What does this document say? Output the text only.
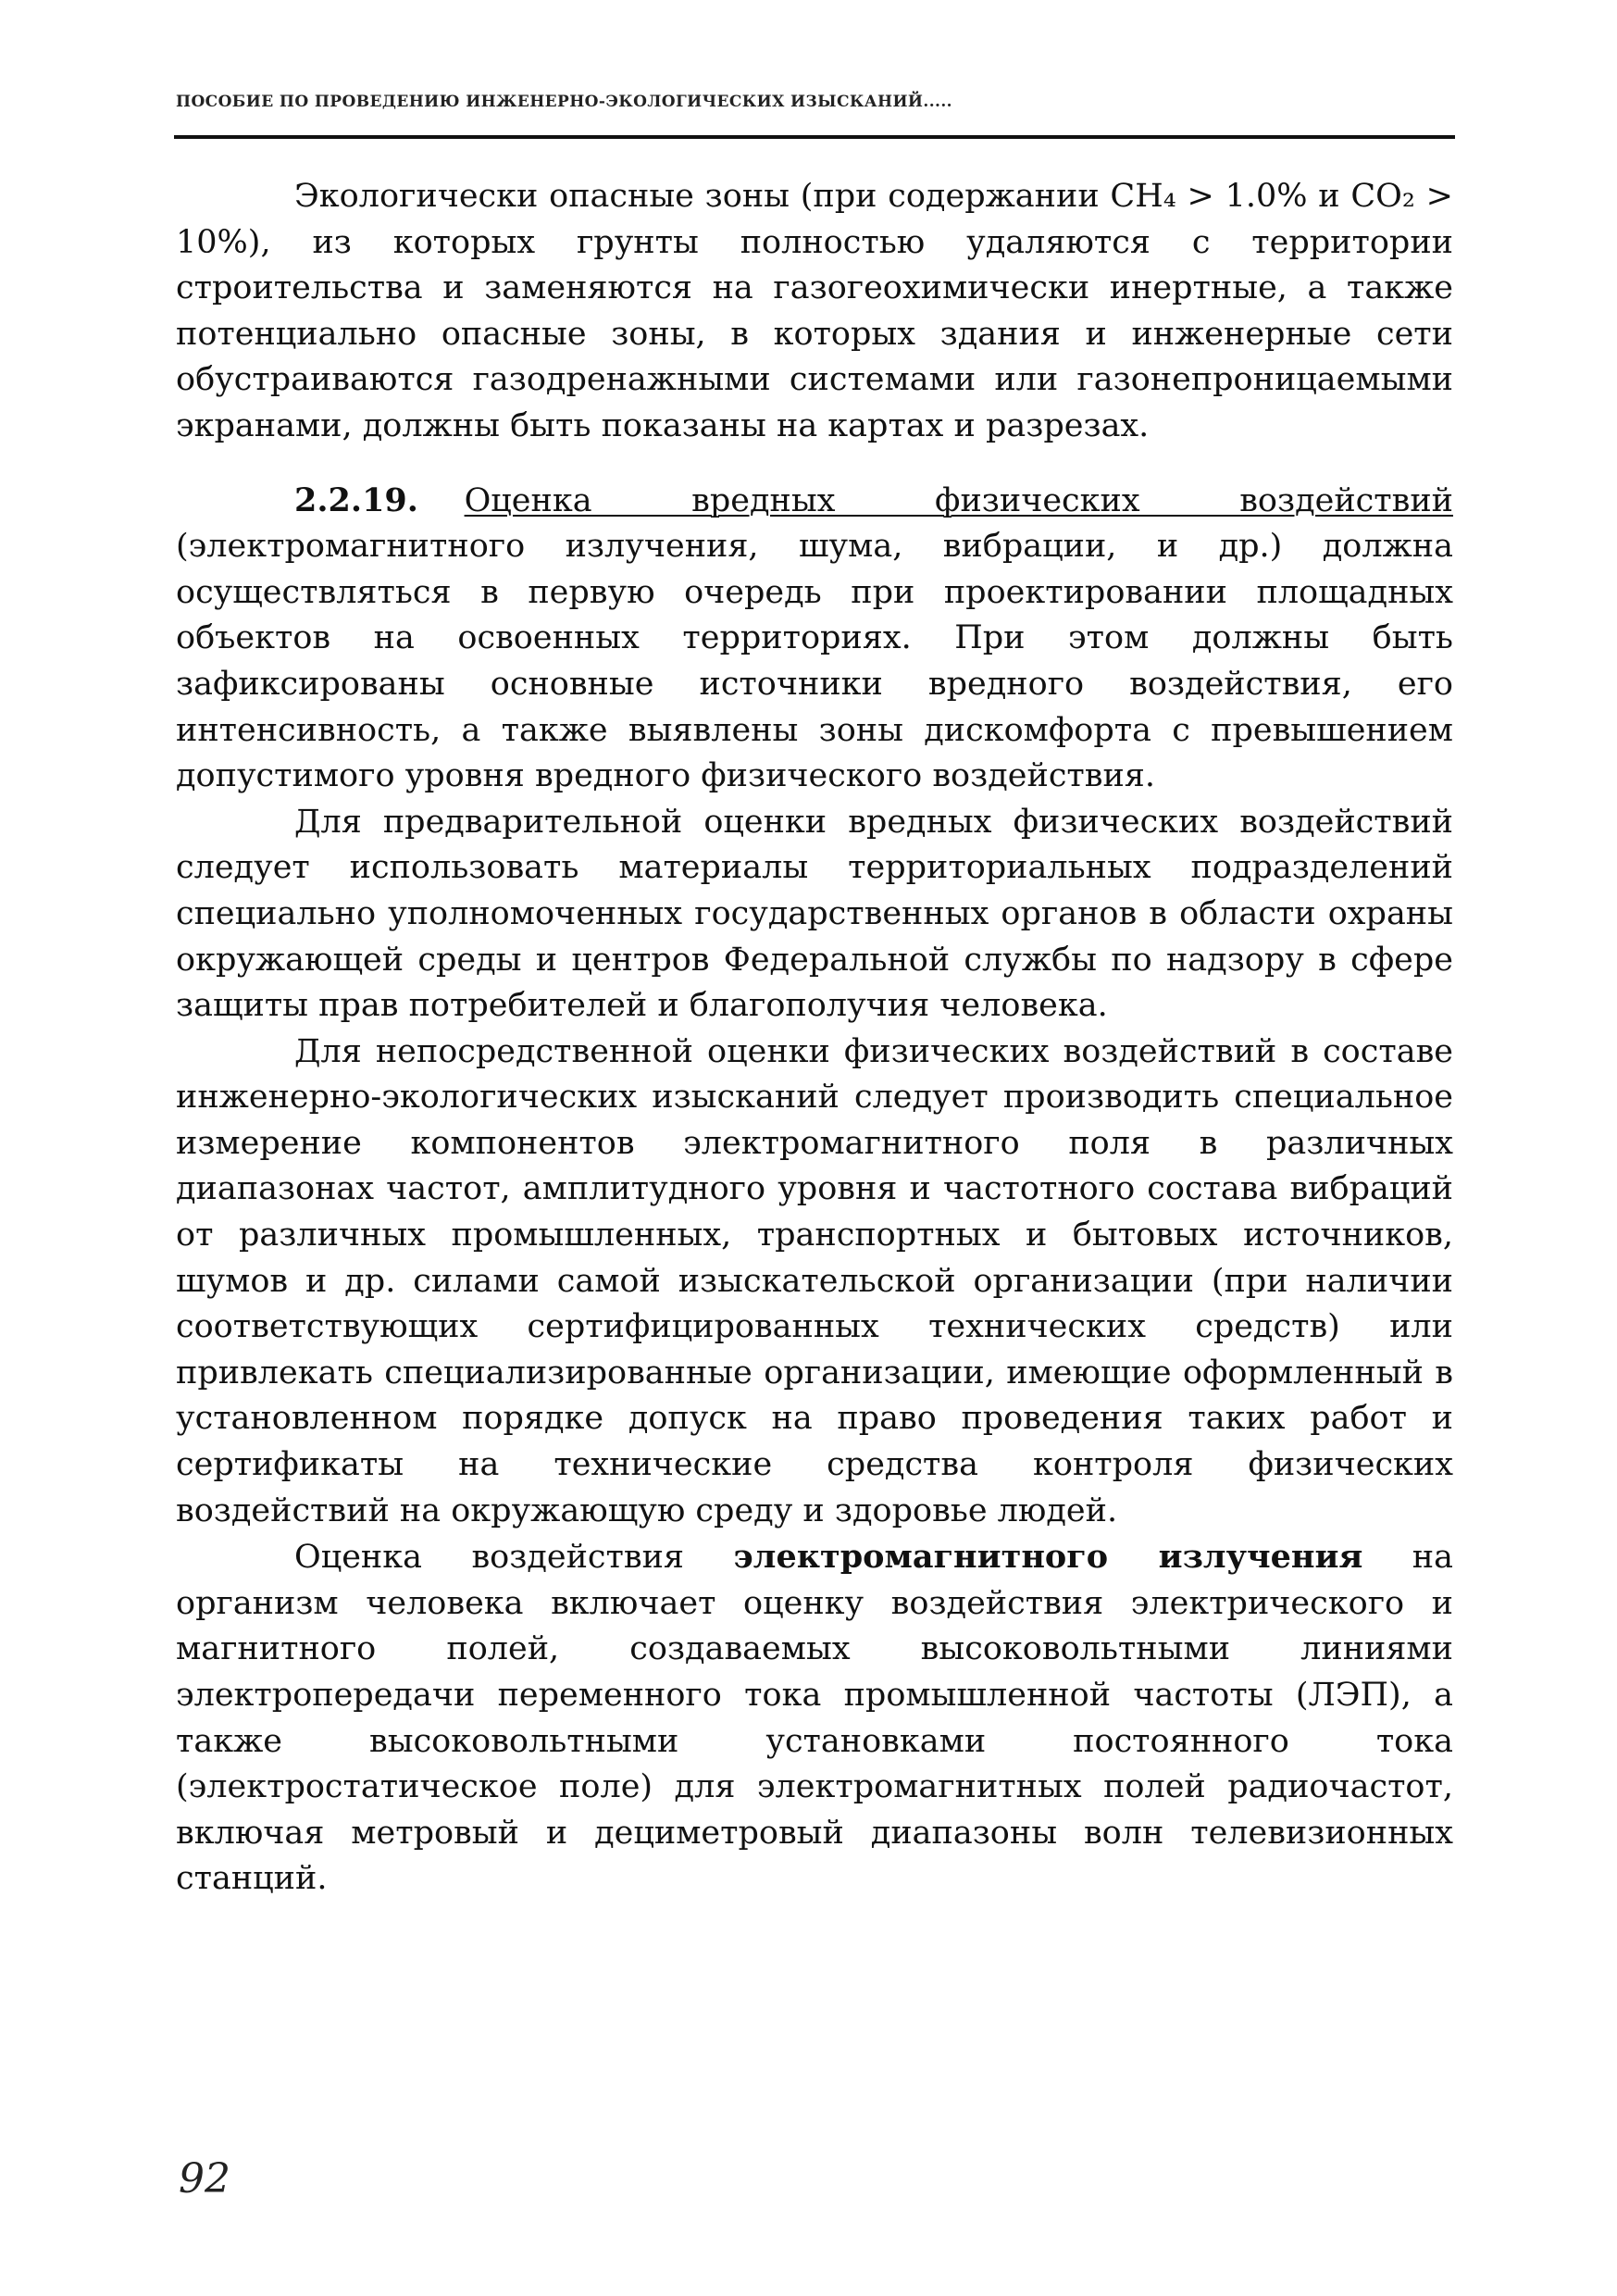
ПОСОБИЕ ПО ПРОВЕДЕНИЮ ИНЖЕНЕРНО-ЭКОЛОГИЧЕСКИХ ИЗЫСКАНИЙ.....

Экологически опасные зоны (при содержании СН₄ > 1.0% и СО₂ > 10%), из которых грунты полностью удаляются с территории строительства и заменяются на газогеохимически инертные, а также потенциально опасные зоны, в которых здания и инженерные сети обустраиваются газодренажными системами или газонепроницаемыми экранами, должны быть показаны на картах и разрезах.

2.2.19. Оценка вредных физических воздействий (электромагнитного излучения, шума, вибрации, и др.) должна осуществляться в первую очередь при проектировании площадных объектов на освоенных территориях. При этом должны быть зафиксированы основные источники вредного воздействия, его интенсивность, а также выявлены зоны дискомфорта с превышением допустимого уровня вредного физического воздействия.

Для предварительной оценки вредных физических воздействий следует использовать материалы территориальных подразделений специально уполномоченных государственных органов в области охраны окружающей среды и центров Федеральной службы по надзору в сфере защиты прав потребителей и благополучия человека.

Для непосредственной оценки физических воздействий в составе инженерно-экологических изысканий следует производить специальное измерение компонентов электромагнитного поля в различных диапазонах частот, амплитудного уровня и частотного состава вибраций от различных промышленных, транспортных и бытовых источников, шумов и др. силами самой изыскательской организации (при наличии соответствующих сертифицированных технических средств) или привлекать специализированные организации, имеющие оформленный в установленном порядке допуск на право проведения таких работ и сертификаты на технические средства контроля физических воздействий на окружающую среду и здоровье людей.

Оценка воздействия электромагнитного излучения на организм человека включает оценку воздействия электрического и магнитного полей, создаваемых высоковольтными линиями электропередачи переменного тока промышленной частоты (ЛЭП), а также высоковольтными установками постоянного тока (электростатическое поле) для электромагнитных полей радиочастот, включая метровый и дециметровый диапазоны волн телевизионных станций.

92
